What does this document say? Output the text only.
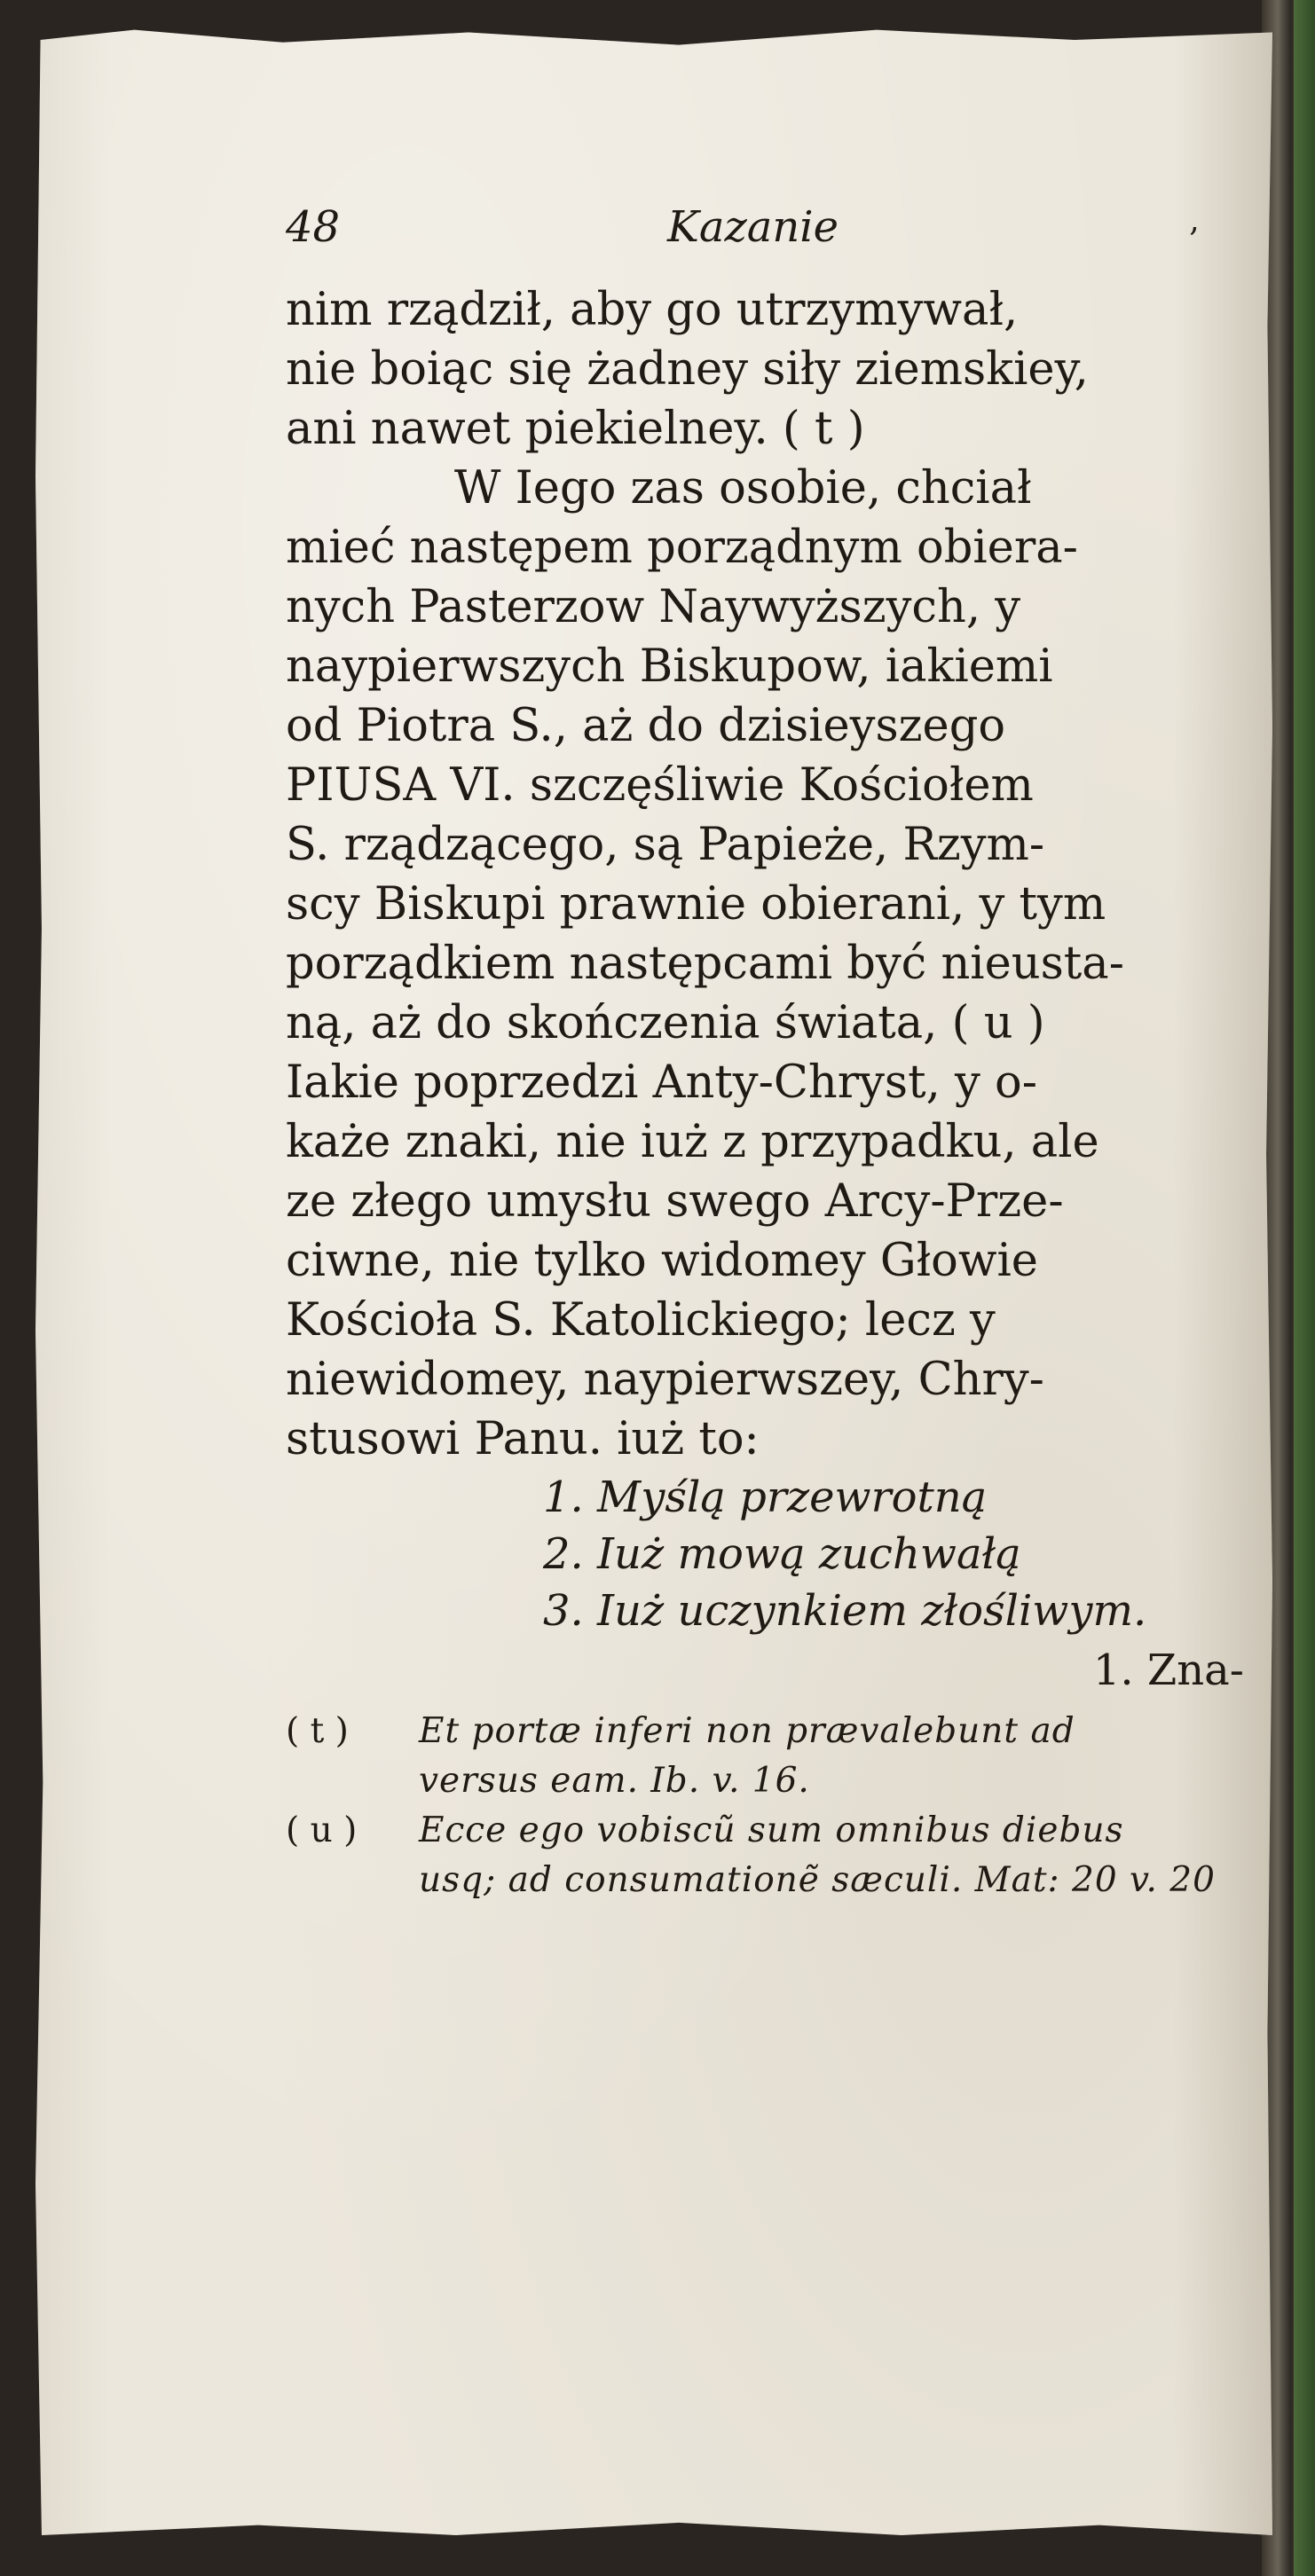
48	Kazanie	‚
nim rządził, aby go utrzymywał,
nie boiąc się żadney siły ziemskiey,
ani nawet piekielney. ( t )
W Iego zas osobie, chciał
mieć następem porządnym obiera-
nych Pasterzow Naywyższych, y
naypierwszych Biskupow, iakiemi
od Piotra S., aż do dzisieyszego
PIUSA VI. szczęśliwie Kościołem
S. rządzącego, są Papieże, Rzym-
scy Biskupi prawnie obierani, y tym
porządkiem następcami być nieusta-
ną, aż do skończenia świata, ( u )
Iakie poprzedzi Anty-Chryst, y o-
każe znaki, nie iuż z przypadku, ale
ze złego umysłu swego Arcy-Prze-
ciwne, nie tylko widomey Głowie
Kościoła S. Katolickiego; lecz y
niewidomey, naypierwszey, Chry-
stusowi Panu. iuż to:
1. Myślą przewrotną
2. Iuż mową zuchwałą
3. Iuż uczynkiem złośliwym.
1. Zna-
( t ) Et portæ inferi non prævalebunt ad
versus eam. Ib. v. 16.
( u ) Ecce ego vobiscũ sum omnibus diebus
usq; ad consumationẽ sæculi. Mat: 20 v. 20
